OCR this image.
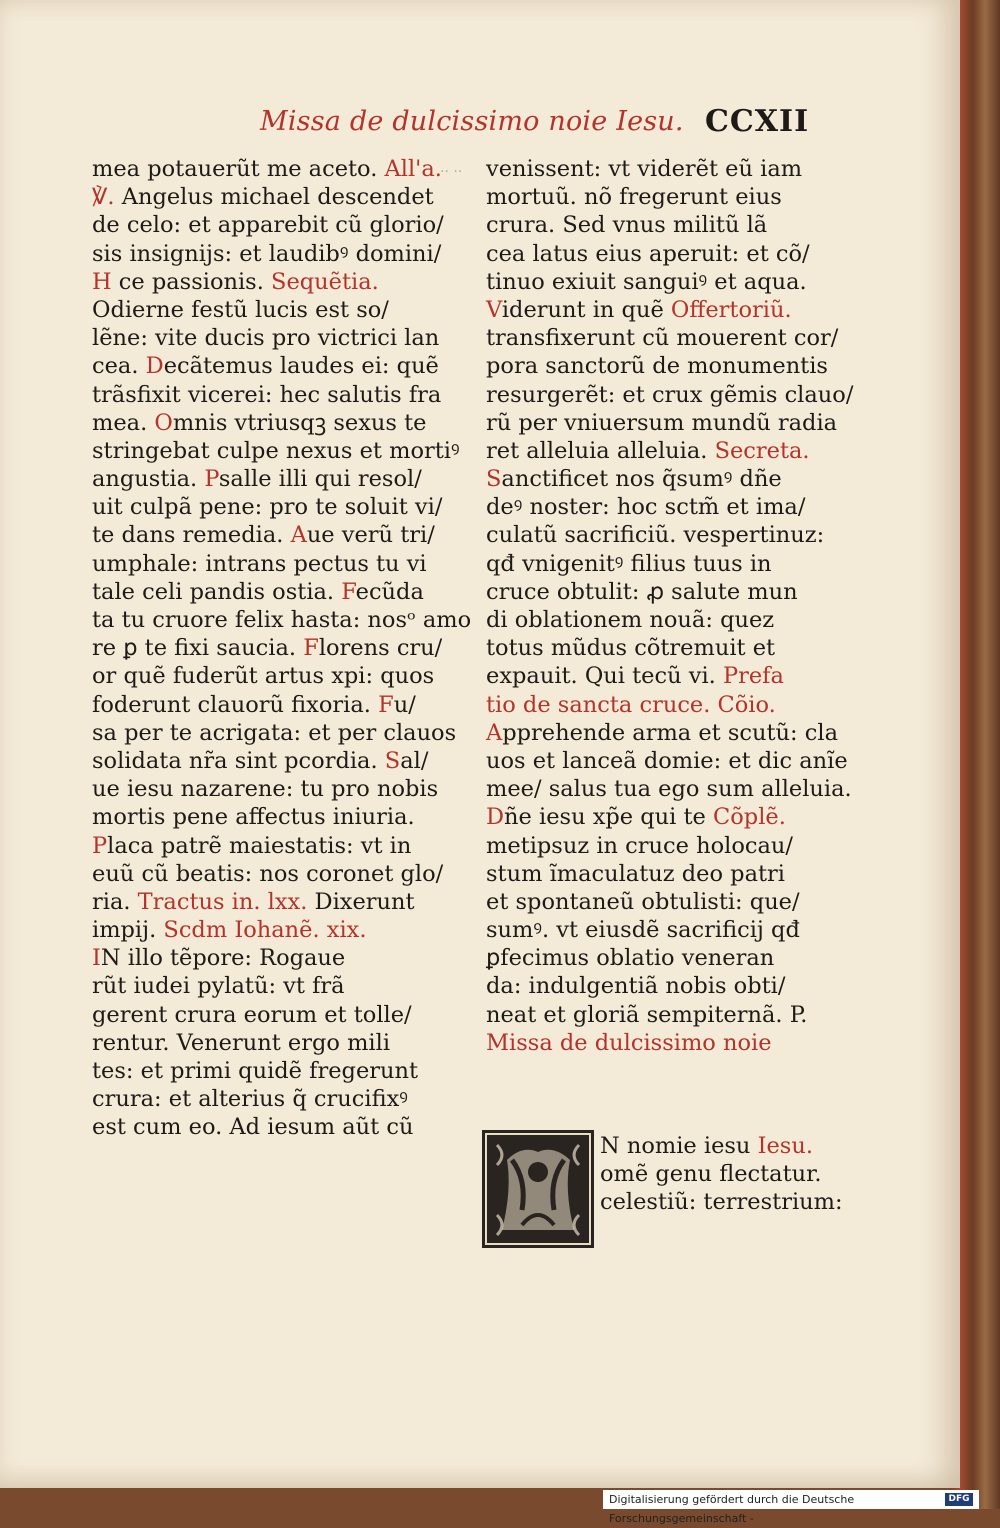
Missa de dulcissimo noie Iesu. CCXII
.. ..
mea potauerũt me aceto. All'a.
℣. Angelus michael descendet
de celo: et apparebit cũ glorio/
sis insignijs: et laudibꝰ domini/
H ce passionis. Sequẽtia.
Odierne festũ lucis est so/
lẽne: vite ducis pro victrici lan
cea. Decãtemus laudes ei: quẽ
trãsfixit vicerei: hec salutis fra
mea. Omnis vtriusqꝫ sexus te
stringebat culpe nexus et mortiꝰ
angustia. Psalle illi qui resol/
uit culpã pene: pro te soluit vi/
te dans remedia. Aue verũ tri/
umphale: intrans pectus tu vi
tale celi pandis ostia. Fecũda
ta tu cruore felix hasta: nosᵒ amo
re ꝑ te fixi saucia. Florens cru/
or quẽ fuderũt artus xpi: quos
foderunt clauorũ fixoria. Fu/
sa per te acrigata: et per clauos
solidata nr̃a sint pcordia. Sal/
ue iesu nazarene: tu pro nobis
mortis pene affectus iniuria.
Placa patrẽ maiestatis: vt in
euũ cũ beatis: nos coronet glo/
ria. Tractus in. lxx. Dixerunt
impij. Scdm Iohanẽ. xix.
IN illo tẽpore: Rogaue
rũt iudei pylatũ: vt frã
gerent crura eorum et tolle/
rentur. Venerunt ergo mili
tes: et primi quidẽ fregerunt
crura: et alterius q̃ crucifixꝰ
est cum eo. Ad iesum aũt cũ
venissent: vt viderẽt eũ iam
mortuũ. nõ fregerunt eius
crura. Sed vnus militũ lã
cea latus eius aperuit: et cõ/
tinuo exiuit sanguiꝰ et aqua.
Viderunt in quẽ Offertoriũ.
transfixerunt cũ mouerent cor/
pora sanctorũ de monumentis
resurgerẽt: et crux gẽmis clauo/
rũ per vniuersum mundũ radia
ret alleluia alleluia. Secreta.
Sanctificet nos q̃sumꝰ dñe
deꝰ noster: hoc sctm̃ et ima/
culatũ sacrificiũ. vespertinuz:
qđ vnigenitꝰ filius tuus in
cruce obtulit: ꝓ salute mun
di oblationem nouã: quez
totus mũdus cõtremuit et
expauit. Qui tecũ vi. Prefa
tio de sancta cruce. Cõio.
Apprehende arma et scutũ: cla
uos et lanceã domie: et dic anĩe
mee/ salus tua ego sum alleluia.
Dñe iesu xp̃e qui te Cõplẽ.
metipsuz in cruce holocau/
stum ĩmaculatuz deo patri
et spontaneũ obtulisti: que/
sumꝰ. vt eiusdẽ sacrificij qđ
ꝑfecimus oblatio veneran
da: indulgentiã nobis obti/
neat et gloriã sempiternã. P.
Missa de dulcissimo noie
N nomie iesu Iesu.
omẽ genu flectatur.
celestiũ: terrestrium:
Digitalisierung gefördert durch die Deutsche Forschungsgemeinschaft -
DFG
